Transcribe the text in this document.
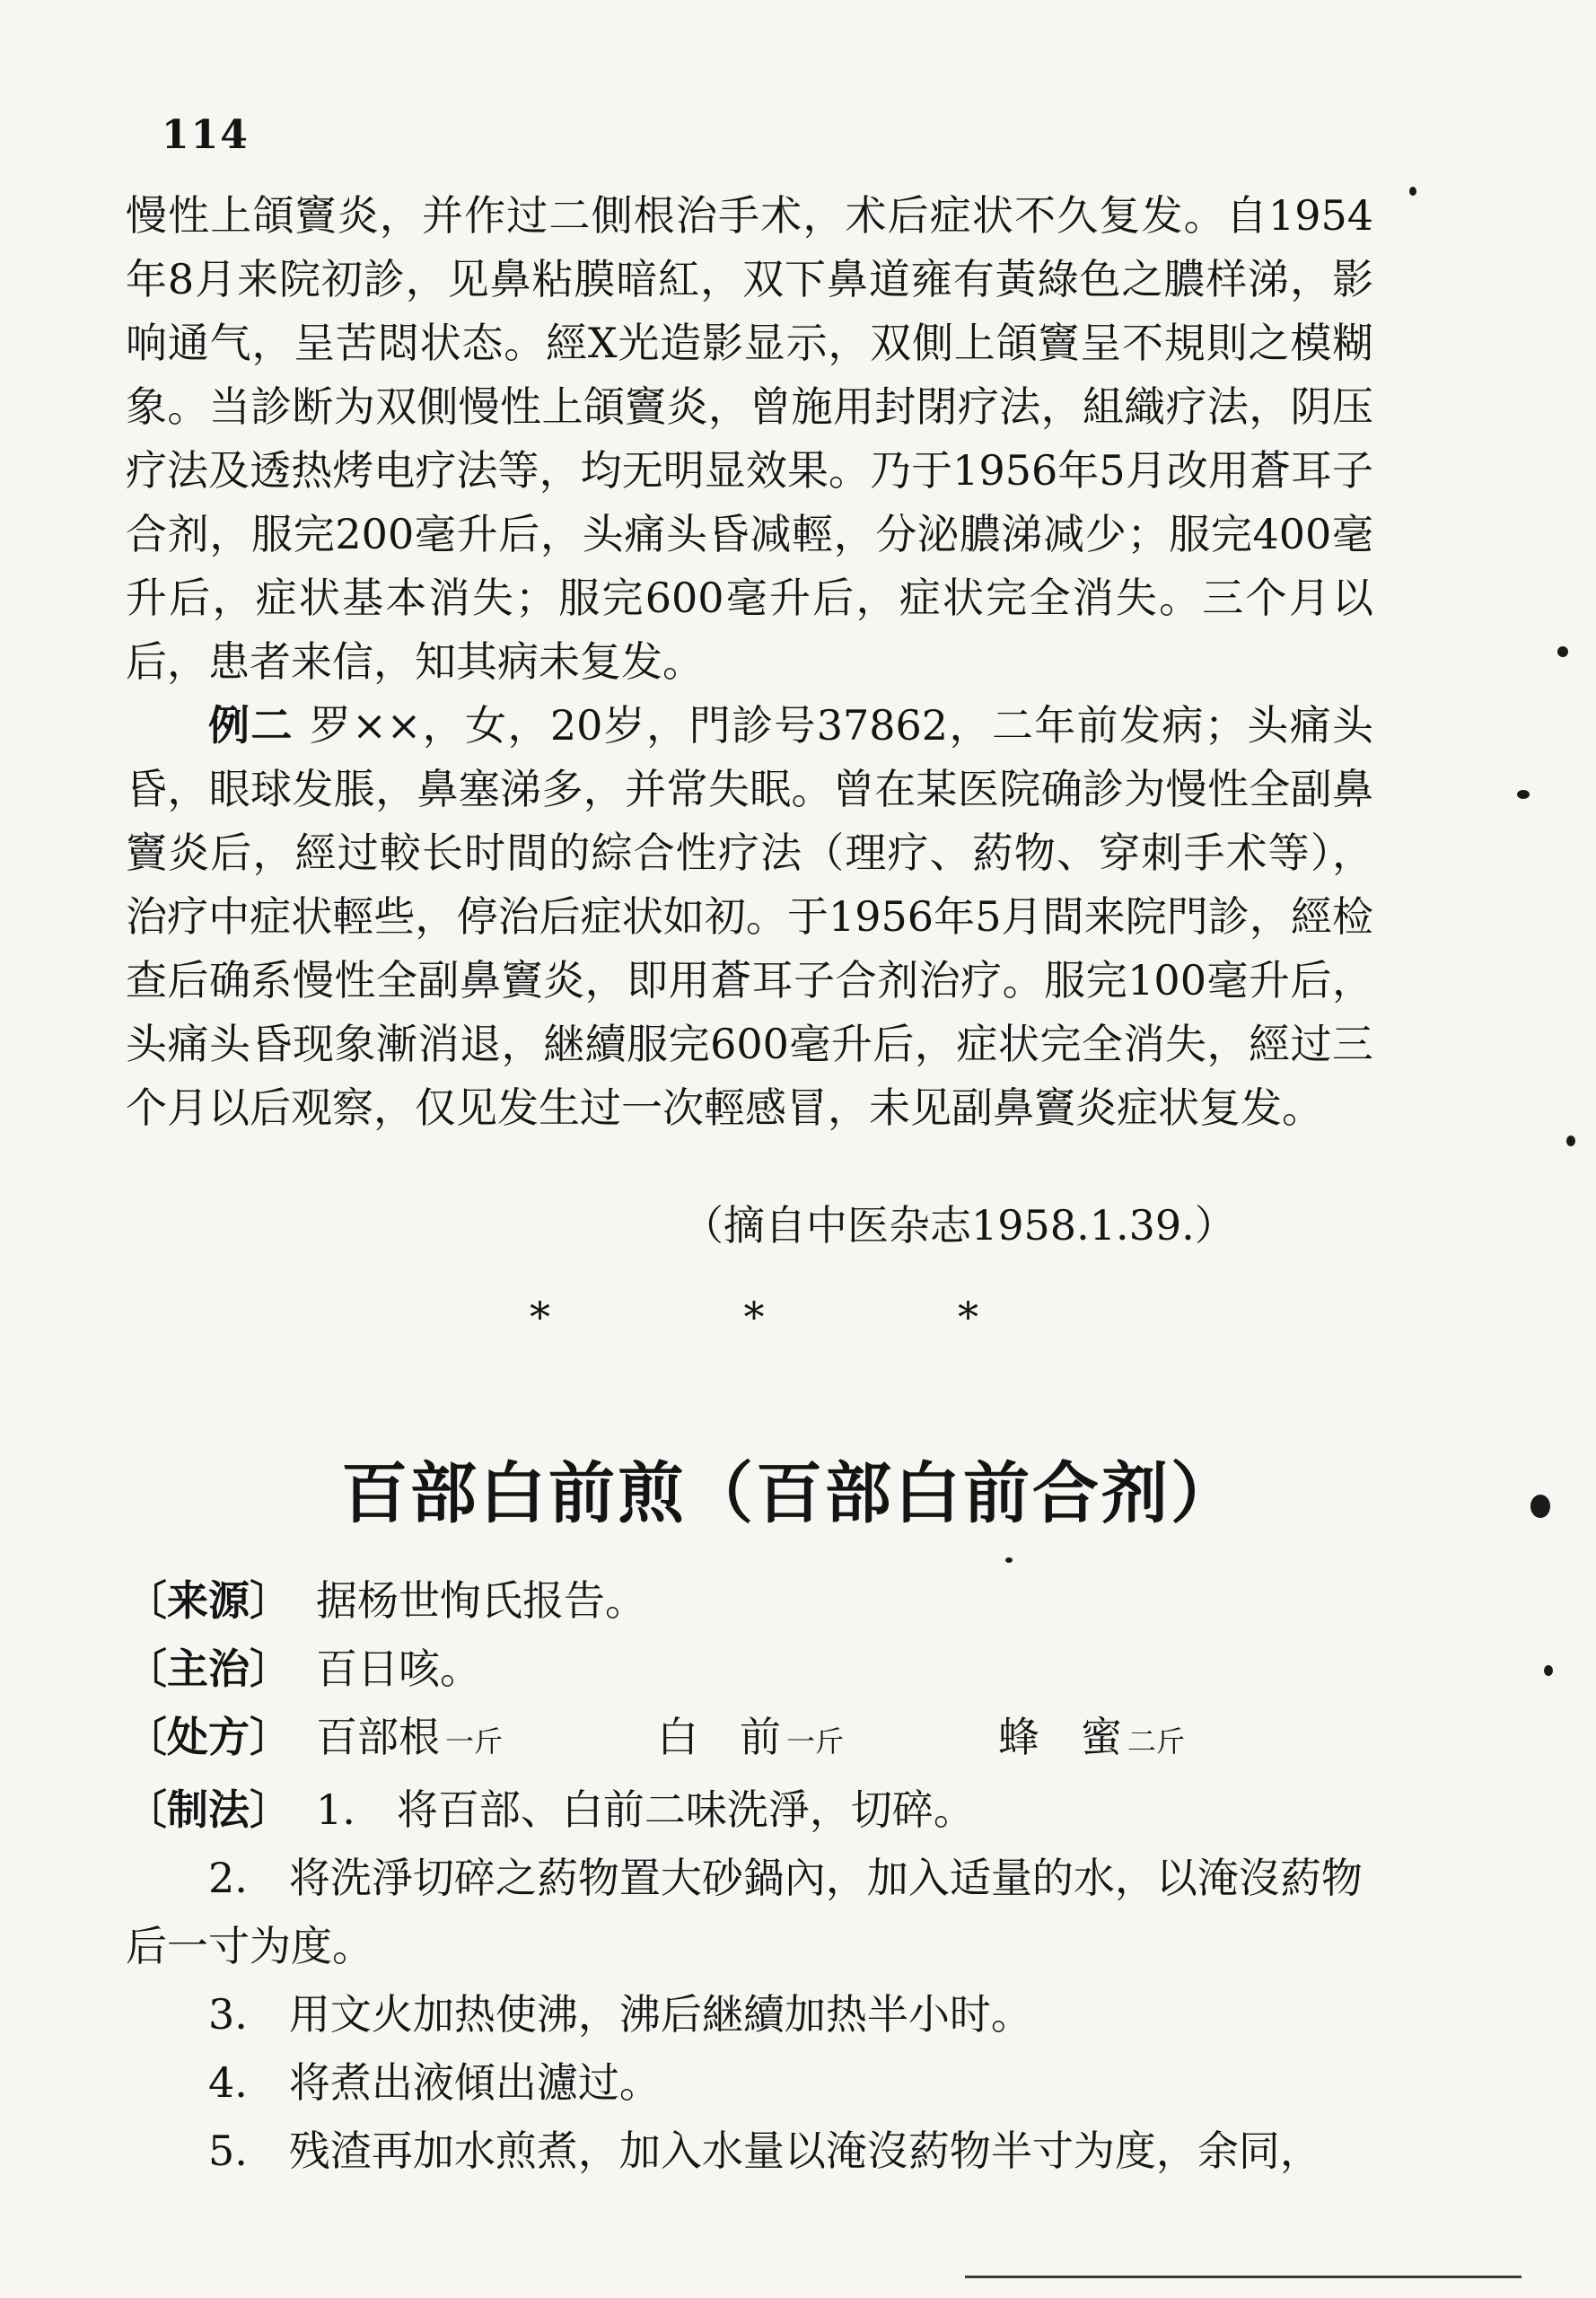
114

慢性上頜竇炎，并作过二側根治手术，术后症状不久复发。自1954年8月来院初診，见鼻粘膜暗紅，双下鼻道雍有黃綠色之膿样涕，影响通气，呈苦悶状态。經X光造影显示，双側上頜竇呈不規則之模糊象。当診断为双側慢性上頜竇炎，曾施用封閉疗法，組織疗法，阴压疗法及透热烤电疗法等，均无明显效果。乃于1956年5月改用蒼耳子合剂，服完200毫升后，头痛头昏减輕，分泌膿涕减少；服完400毫升后，症状基本消失；服完600毫升后，症状完全消失。三个月以后，患者来信，知其病未复发。

例二 罗××，女，20岁，門診号37862，二年前发病；头痛头昏，眼球发脹，鼻塞涕多，并常失眠。曾在某医院确診为慢性全副鼻竇炎后，經过較长时間的綜合性疗法（理疗、葯物、穿刺手术等），治疗中症状輕些，停治后症状如初。于1956年5月間来院門診，經检查后确系慢性全副鼻竇炎，即用蒼耳子合剂治疗。服完100毫升后，头痛头昏现象漸消退，継續服完600毫升后，症状完全消失，經过三个月以后观察，仅见发生过一次輕感冒，未见副鼻竇炎症状复发。

（摘自中医杂志1958.1.39.）
*	*	*
百部白前煎（百部白前合剂）
〔来源〕 据杨世恂氏报告。
〔主治〕 百日咳。
〔处方〕 百部根 一斤	白　前 一斤	蜂　蜜 二斤
〔制法〕 1.　将百部、白前二味洗淨，切碎。

2.　将洗淨切碎之葯物置大砂鍋內，加入适量的水，以淹沒葯物后一寸为度。

3.　用文火加热使沸，沸后継續加热半小时。

4.　将煮出液傾出濾过。

5.　残渣再加水煎煮，加入水量以淹沒葯物半寸为度，余同，
